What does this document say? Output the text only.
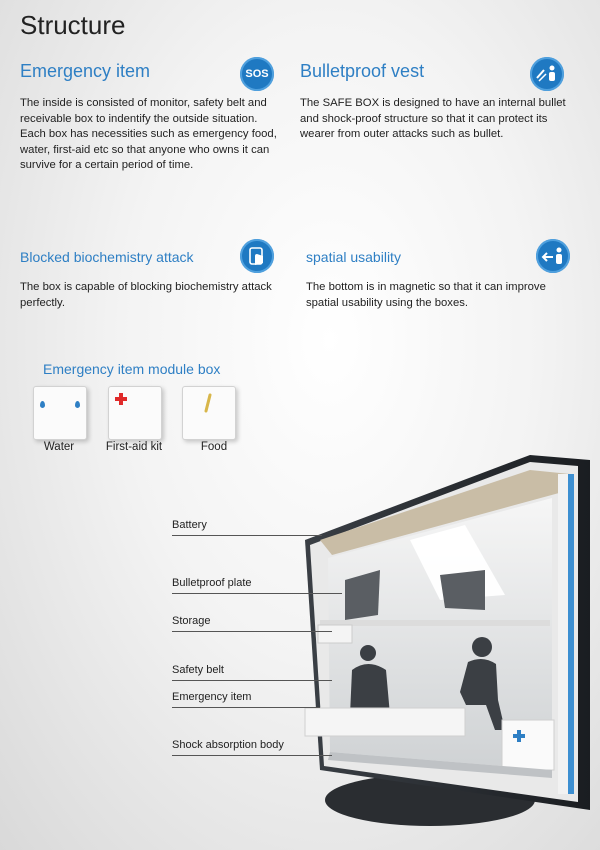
Structure
Emergency item	SOS
The inside is consisted of monitor, safety belt and receivable box to indentify the outside situation. Each box has necessities such as emergency food, water, first-aid etc so that anyone who owns it can survive for a certain period of time.
Bulletproof vest
The SAFE BOX is designed to have an internal bullet and shock-proof structure so that it can protect its wearer from outer attacks such as bullet.
Blocked biochemistry attack
The box is capable of blocking biochemistry attack perfectly.
spatial usability
The bottom is in magnetic so that it can improve spatial usability using the boxes.
Emergency item module box
Water	First-aid kit	Food
Battery
Bulletproof plate
Storage
Safety belt
Emergency item
Shock absorption body
